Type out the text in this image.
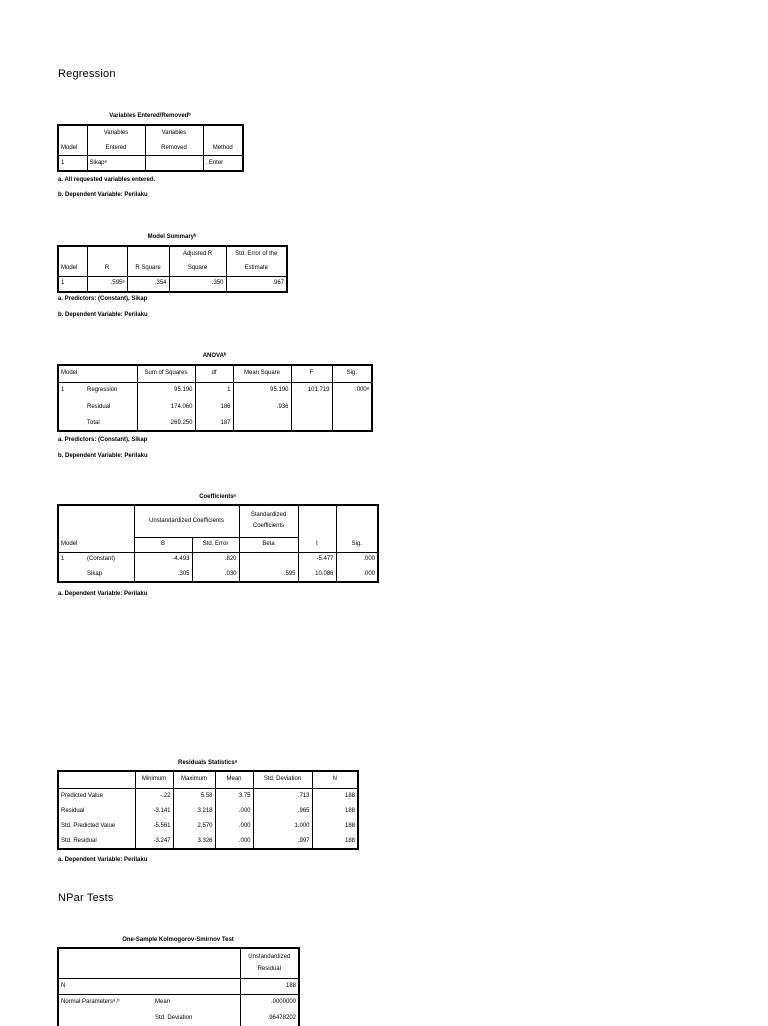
Regression
Variables Entered/Removedᵇ
	Variables	Variables	
Model	Entered	Removed	Method
1	Sikapᵃ		. Enter
a. All requested variables entered.
b. Dependent Variable: Perilaku
Model Summaryᵇ
			Adjusted R	Std. Error of the
Model	R	R Square	Square	Estimate
1	.595ᵃ	.354	.350	.967
a. Predictors: (Constant), Sikap
b. Dependent Variable: Perilaku
ANOVAᵇ
Model		Sum of Squares	df	Mean Square	F	Sig.
1	Regression	95.190	1	95.190	101.719	.000ᵃ
	Residual	174.060	186	.936		
	Total	269.250	187			
a. Predictors: (Constant), Sikap
b. Dependent Variable: Perilaku
Coefficientsᵃ
		Unstandardized Coefficients		Standardized
Coefficients		

Model		B	Std. Error	Beta	t	Sig.
1	(Constant)	-4.493	.820		-5.477	.000
	Sikap	.305	.030	.595	10.086	.000
a. Dependent Variable: Perilaku
Residuals Statisticsᵃ
	Minimum	Maximum	Mean	Std. Deviation	N
Predicted Value	-.22	5.58	3.75	.713	188
Residual	-3.141	3.218	.000	.965	188
Std. Predicted Value	-5.561	2.570	.000	1.000	188
Std. Residual	-3.247	3.326	.000	.997	188
a. Dependent Variable: Perilaku
NPar Tests
One-Sample Kolmogorov-Smirnov Test

		Unstandardized
Residual

N		188
Normal Parametersᵃ˒ᵇ	Mean	.0000000
	Std. Deviation	.96478202
